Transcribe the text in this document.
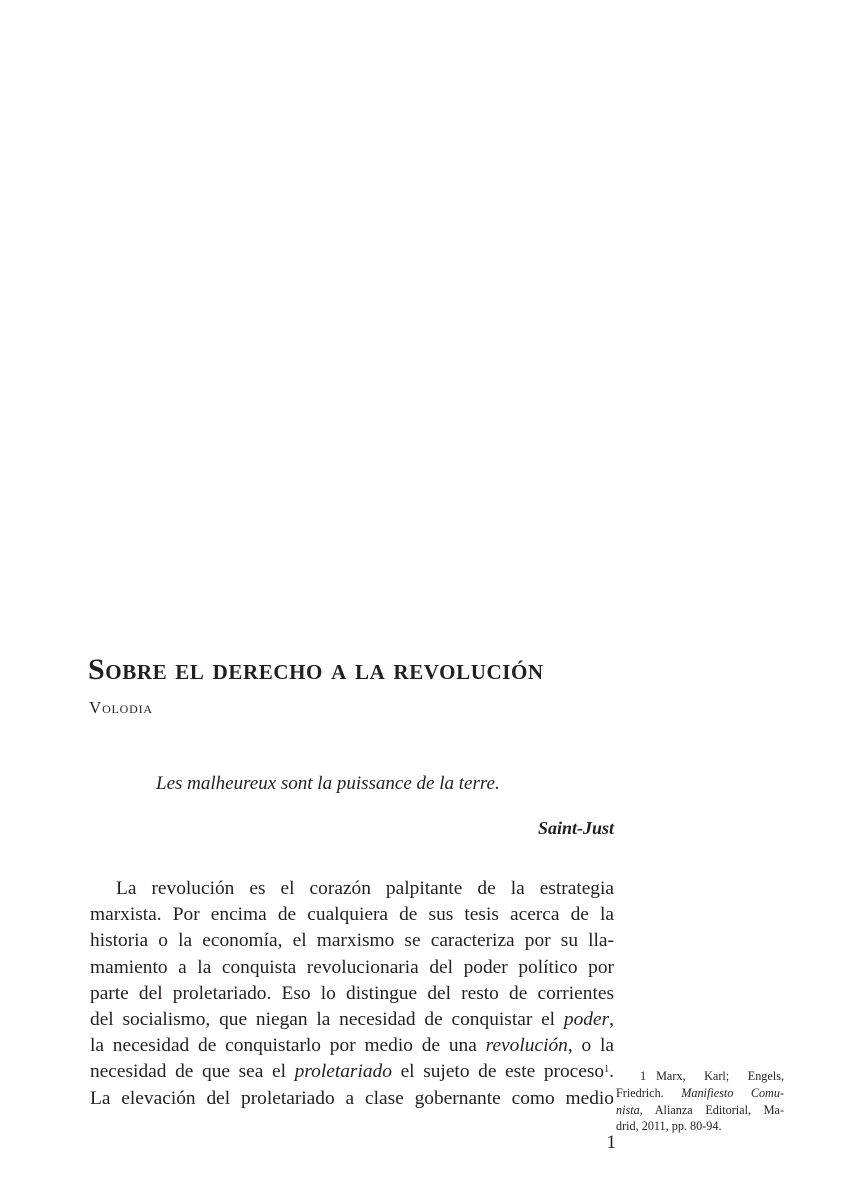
Sobre el derecho a la revolución
Volodia
Les malheureux sont la puissance de la terre.
Saint-Just
La revolución es el corazón palpitante de la estrategia
marxista. Por encima de cualquiera de sus tesis acerca de la
historia o la economía, el marxismo se caracteriza por su lla-
mamiento a la conquista revolucionaria del poder político por
parte del proletariado. Eso lo distingue del resto de corrientes
del socialismo, que niegan la necesidad de conquistar el poder,
la necesidad de conquistarlo por medio de una revolución, o la
necesidad de que sea el proletariado el sujeto de este proceso$^1$.
La elevación del proletariado a clase gobernante como medio
1 Marx, Karl; Engels,
Friedrich. Manifiesto Comu-
nista, Alianza Editorial, Ma-
drid, 2011, pp. 80-94.
1
